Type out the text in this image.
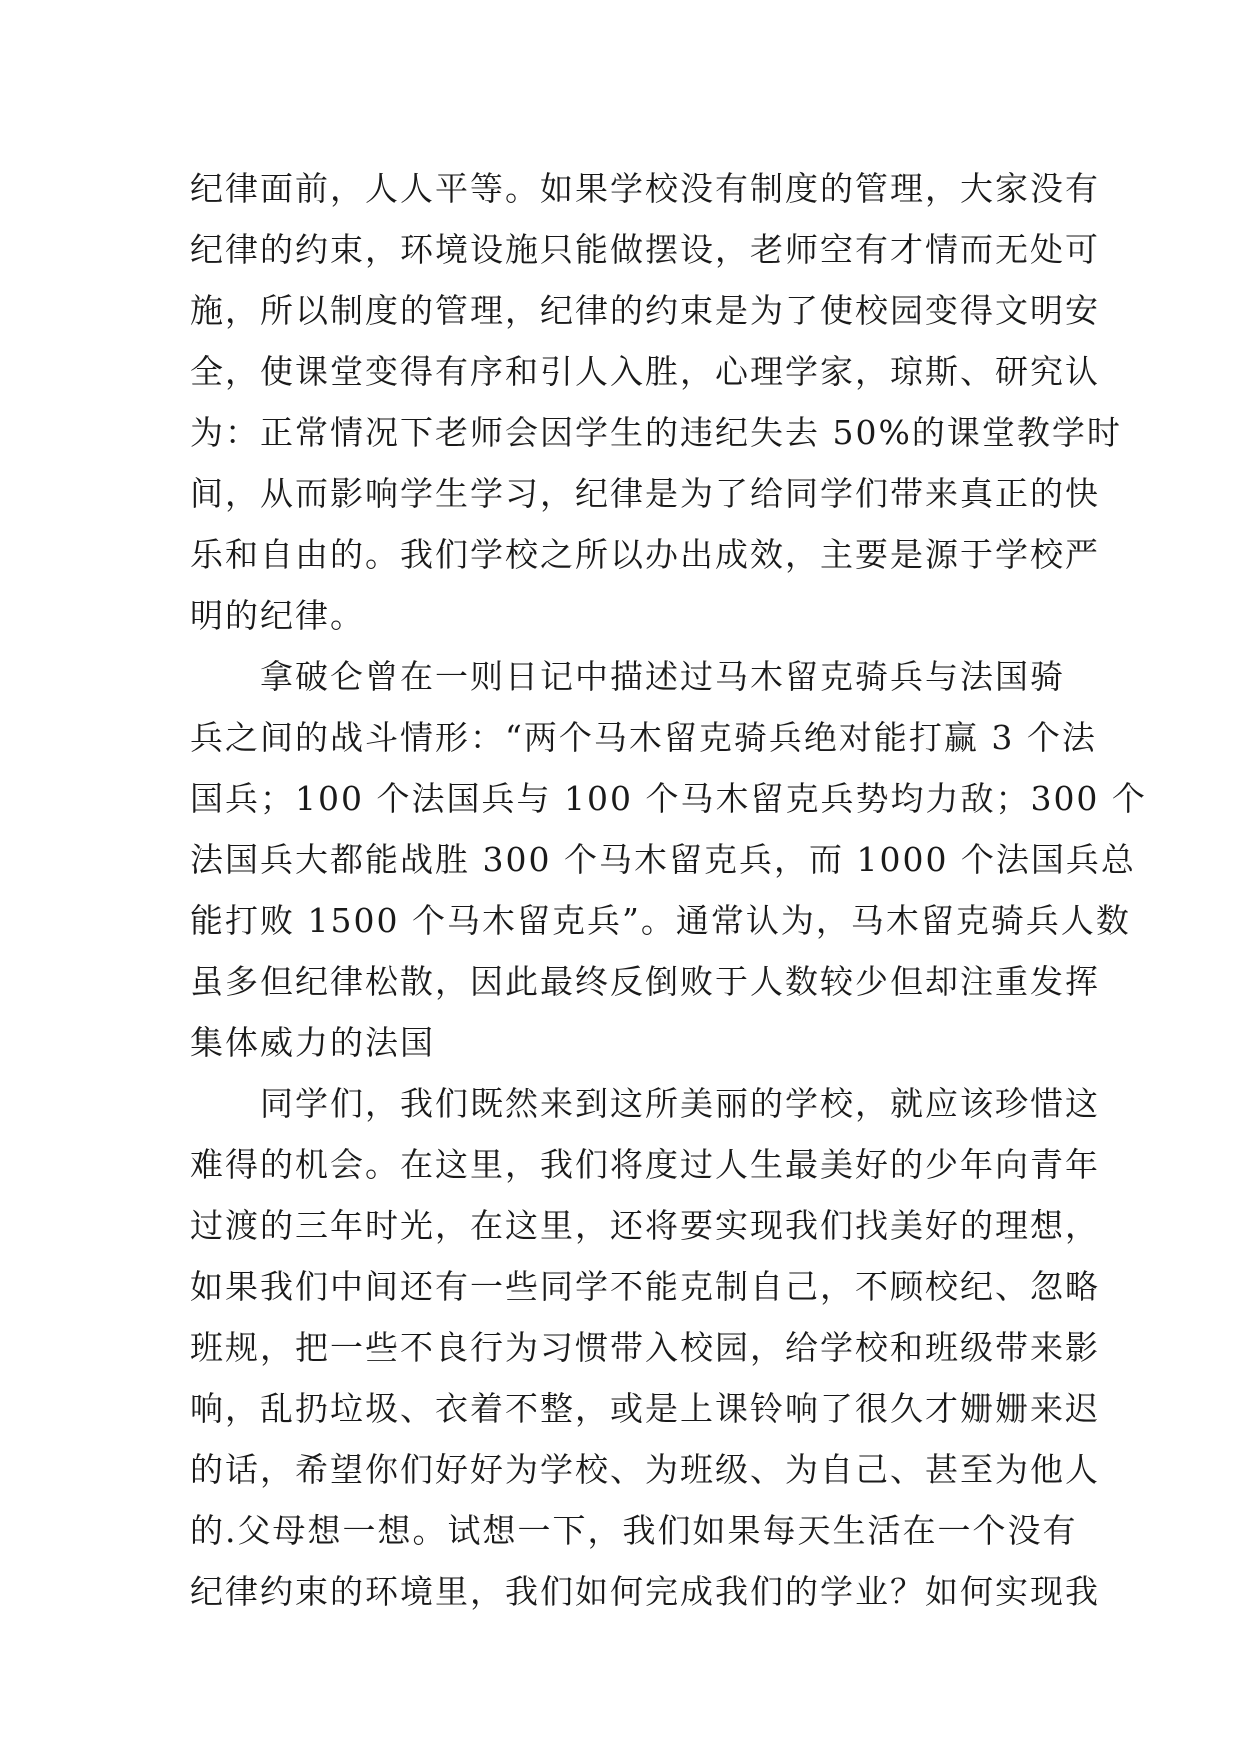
纪律面前，人人平等。如果学校没有制度的管理，大家没有
纪律的约束，环境设施只能做摆设，老师空有才情而无处可
施，所以制度的管理，纪律的约束是为了使校园变得文明安
全，使课堂变得有序和引人入胜，心理学家，琼斯、研究认
为：正常情况下老师会因学生的违纪失去 50%的课堂教学时
间，从而影响学生学习，纪律是为了给同学们带来真正的快
乐和自由的。我们学校之所以办出成效，主要是源于学校严
明的纪律。
　　拿破仑曾在一则日记中描述过马木留克骑兵与法国骑
兵之间的战斗情形：“两个马木留克骑兵绝对能打赢 3 个法
国兵；100 个法国兵与 100 个马木留克兵势均力敌；300 个
法国兵大都能战胜 300 个马木留克兵，而 1000 个法国兵总
能打败 1500 个马木留克兵”。通常认为，马木留克骑兵人数
虽多但纪律松散，因此最终反倒败于人数较少但却注重发挥
集体威力的法国
　　同学们，我们既然来到这所美丽的学校，就应该珍惜这
难得的机会。在这里，我们将度过人生最美好的少年向青年
过渡的三年时光，在这里，还将要实现我们找美好的理想，
如果我们中间还有一些同学不能克制自己，不顾校纪、忽略
班规，把一些不良行为习惯带入校园，给学校和班级带来影
响，乱扔垃圾、衣着不整，或是上课铃响了很久才姗姗来迟
的话，希望你们好好为学校、为班级、为自己、甚至为他人
的.父母想一想。试想一下，我们如果每天生活在一个没有
纪律约束的环境里，我们如何完成我们的学业？如何实现我
